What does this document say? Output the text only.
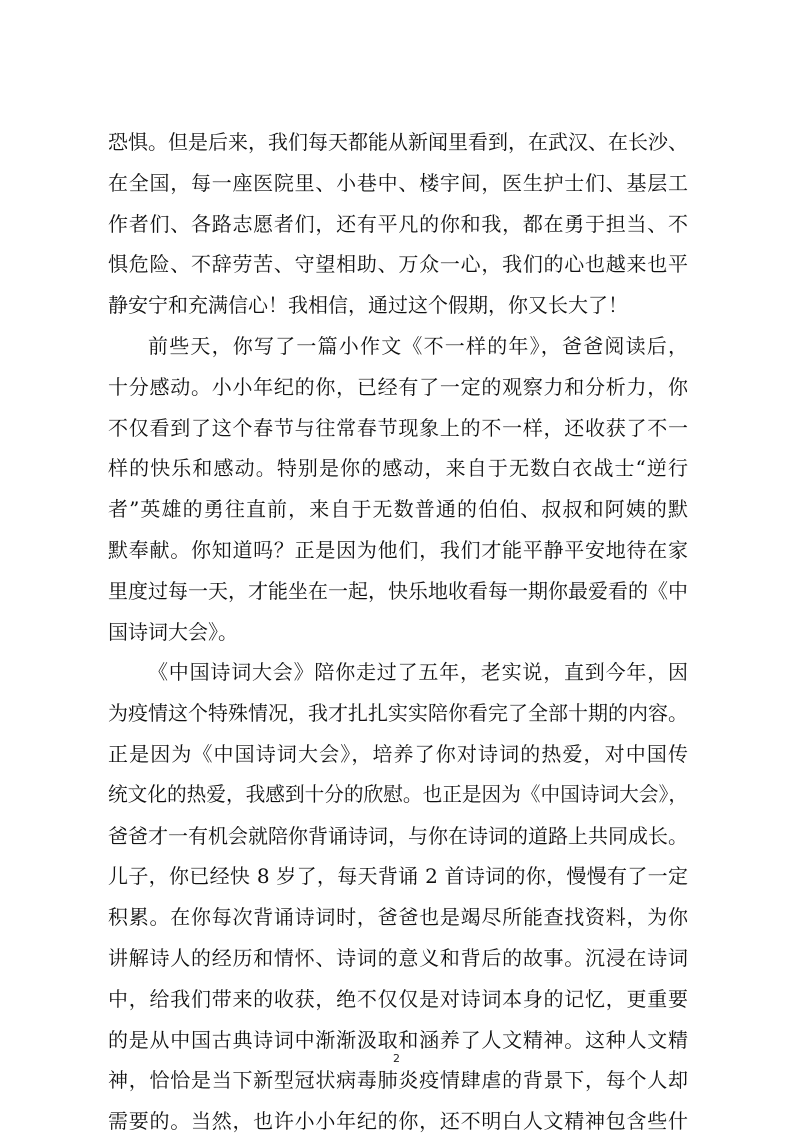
恐惧。但是后来，我们每天都能从新闻里看到，在武汉、在长沙、
在全国，每一座医院里、小巷中、楼宇间，医生护士们、基层工
作者们、各路志愿者们，还有平凡的你和我，都在勇于担当、不
惧危险、不辞劳苦、守望相助、万众一心，我们的心也越来也平
静安宁和充满信心！我相信，通过这个假期，你又长大了！
前些天，你写了一篇小作文《不一样的年》，爸爸阅读后，
十分感动。小小年纪的你，已经有了一定的观察力和分析力，你
不仅看到了这个春节与往常春节现象上的不一样，还收获了不一
样的快乐和感动。特别是你的感动，来自于无数白衣战士“逆行
者”英雄的勇往直前，来自于无数普通的伯伯、叔叔和阿姨的默
默奉献。你知道吗？正是因为他们，我们才能平静平安地待在家
里度过每一天，才能坐在一起，快乐地收看每一期你最爱看的《中
国诗词大会》。
《中国诗词大会》陪你走过了五年，老实说，直到今年，因
为疫情这个特殊情况，我才扎扎实实陪你看完了全部十期的内容。
正是因为《中国诗词大会》，培养了你对诗词的热爱，对中国传
统文化的热爱，我感到十分的欣慰。也正是因为《中国诗词大会》，
爸爸才一有机会就陪你背诵诗词，与你在诗词的道路上共同成长。
儿子，你已经快 8 岁了，每天背诵 2 首诗词的你，慢慢有了一定
积累。在你每次背诵诗词时，爸爸也是竭尽所能查找资料，为你
讲解诗人的经历和情怀、诗词的意义和背后的故事。沉浸在诗词
中，给我们带来的收获，绝不仅仅是对诗词本身的记忆，更重要
的是从中国古典诗词中渐渐汲取和涵养了人文精神。这种人文精
神，恰恰是当下新型冠状病毒肺炎疫情肆虐的背景下，每个人却
需要的。当然，也许小小年纪的你，还不明白人文精神包含些什
2
